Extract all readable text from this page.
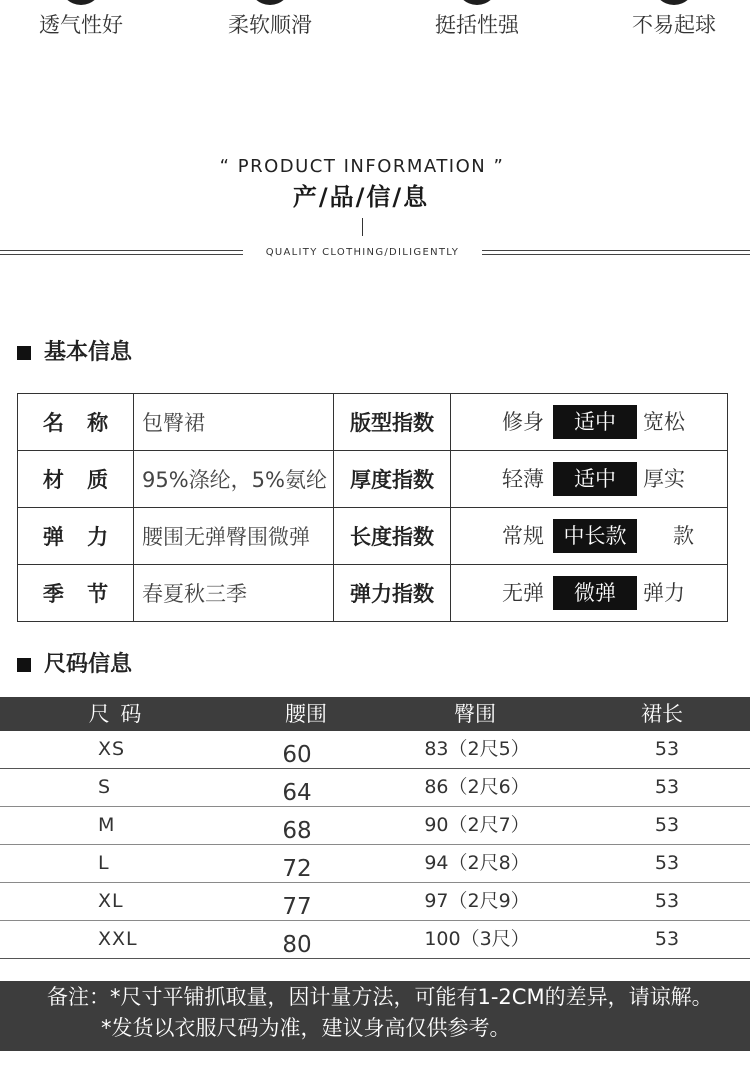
透气性好	柔软顺滑	挺括性强	不易起球
“ PRODUCT INFORMATION ”
产/品/信/息
QUALITY CLOTHING/DILIGENTLY
基本信息
名 称	包臀裙	版型指数	修身 适中 宽松

材 质	95%涤纶，5%氨纶	厚度指数	轻薄 适中 厚实

弹 力	腰围无弹臀围微弹	长度指数	常规 中长款 款

季 节	春夏秋三季	弹力指数	无弹 微弹 弹力
尺码信息
尺 码	腰围	臀围	裙长
XS	60	83（2尺5）	53
S	64	86（2尺6）	53
M	68	90（2尺7）	53
L	72	94（2尺8）	53
XL	77	97（2尺9）	53
XXL	80	100（3尺）	53
备注：*尺寸平铺抓取量，因计量方法，可能有1-2CM的差异，请谅解。
*发货以衣服尺码为准，建议身高仅供参考。
